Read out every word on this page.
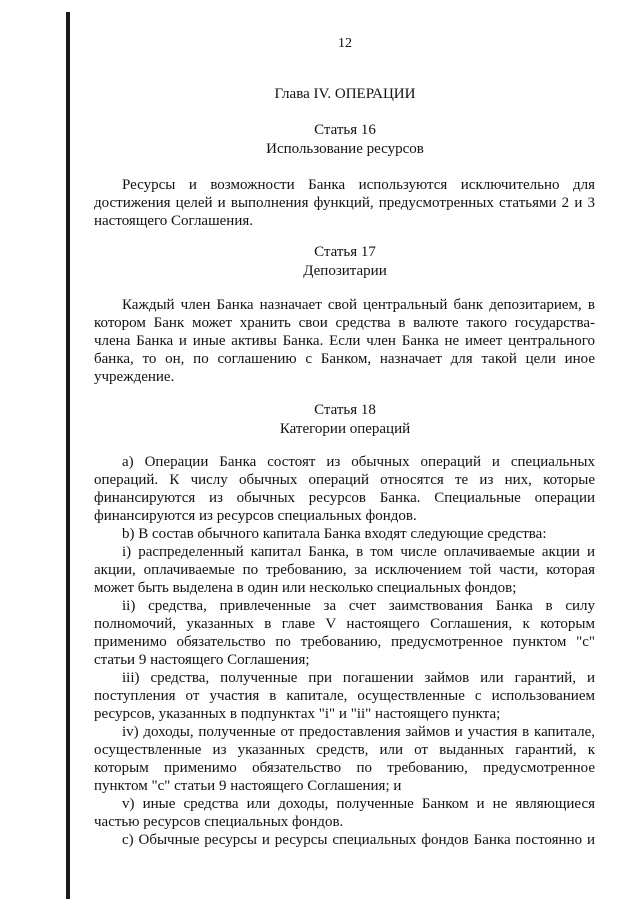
12
Глава IV. ОПЕРАЦИИ
Статья 16
Использование ресурсов
Ресурсы и возможности Банка используются исключительно для
достижения целей и выполнения функций, предусмотренных статьями 2 и 3
настоящего Соглашения.
Статья 17
Депозитарии
Каждый член Банка назначает свой центральный банк депозитарием, в
котором Банк может хранить свои средства в валюте такого государства-
члена Банка и иные активы Банка. Если член Банка не имеет центрального
банка, то он, по соглашению с Банком, назначает для такой цели иное
учреждение.
Статья 18
Категории операций
a) Операции Банка состоят из обычных операций и специальных
операций. К числу обычных операций относятся те из них, которые
финансируются из обычных ресурсов Банка. Специальные операции
финансируются из ресурсов специальных фондов.
b) В состав обычного капитала Банка входят следующие средства:
i) распределенный капитал Банка, в том числе оплачиваемые акции и
акции, оплачиваемые по требованию, за исключением той части, которая
может быть выделена в один или несколько специальных фондов;
ii) средства, привлеченные за счет заимствования Банка в силу
полномочий, указанных в главе V настоящего Соглашения, к которым
применимо обязательство по требованию, предусмотренное пунктом "c"
статьи 9 настоящего Соглашения;
iii) средства, полученные при погашении займов или гарантий, и
поступления от участия в капитале, осуществленные с использованием
ресурсов, указанных в подпунктах "i" и "ii" настоящего пункта;
iv) доходы, полученные от предоставления займов и участия в капитале,
осуществленные из указанных средств, или от выданных гарантий, к
которым применимо обязательство по требованию, предусмотренное
пунктом "c" статьи 9 настоящего Соглашения; и
v) иные средства или доходы, полученные Банком и не являющиеся
частью ресурсов специальных фондов.
c) Обычные ресурсы и ресурсы специальных фондов Банка постоянно и
